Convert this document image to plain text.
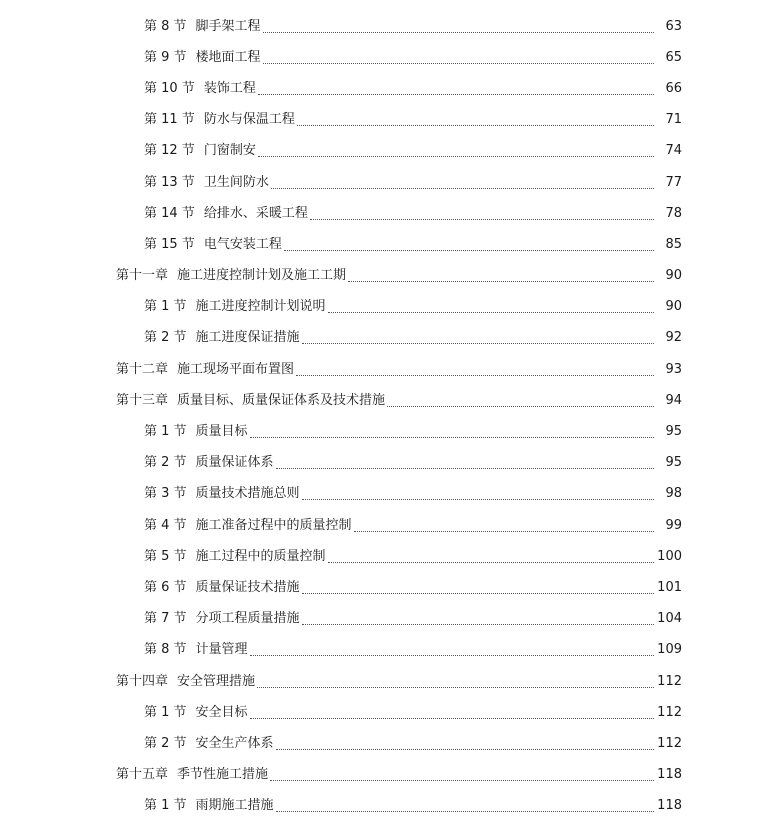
第 8 节 脚手架工程	63
第 9 节 楼地面工程	65
第 10 节 装饰工程	66
第 11 节 防水与保温工程	71
第 12 节 门窗制安	74
第 13 节 卫生间防水	77
第 14 节 给排水、采暖工程	78
第 15 节 电气安装工程	85
第十一章 施工进度控制计划及施工工期	90
第 1 节 施工进度控制计划说明	90
第 2 节 施工进度保证措施	92
第十二章 施工现场平面布置图	93
第十三章 质量目标、质量保证体系及技术措施	94
第 1 节 质量目标	95
第 2 节 质量保证体系	95
第 3 节 质量技术措施总则	98
第 4 节 施工准备过程中的质量控制	99
第 5 节 施工过程中的质量控制	100
第 6 节 质量保证技术措施	101
第 7 节 分项工程质量措施	104
第 8 节 计量管理	109
第十四章 安全管理措施	112
第 1 节 安全目标	112
第 2 节 安全生产体系	112
第十五章 季节性施工措施	118
第 1 节 雨期施工措施	118
